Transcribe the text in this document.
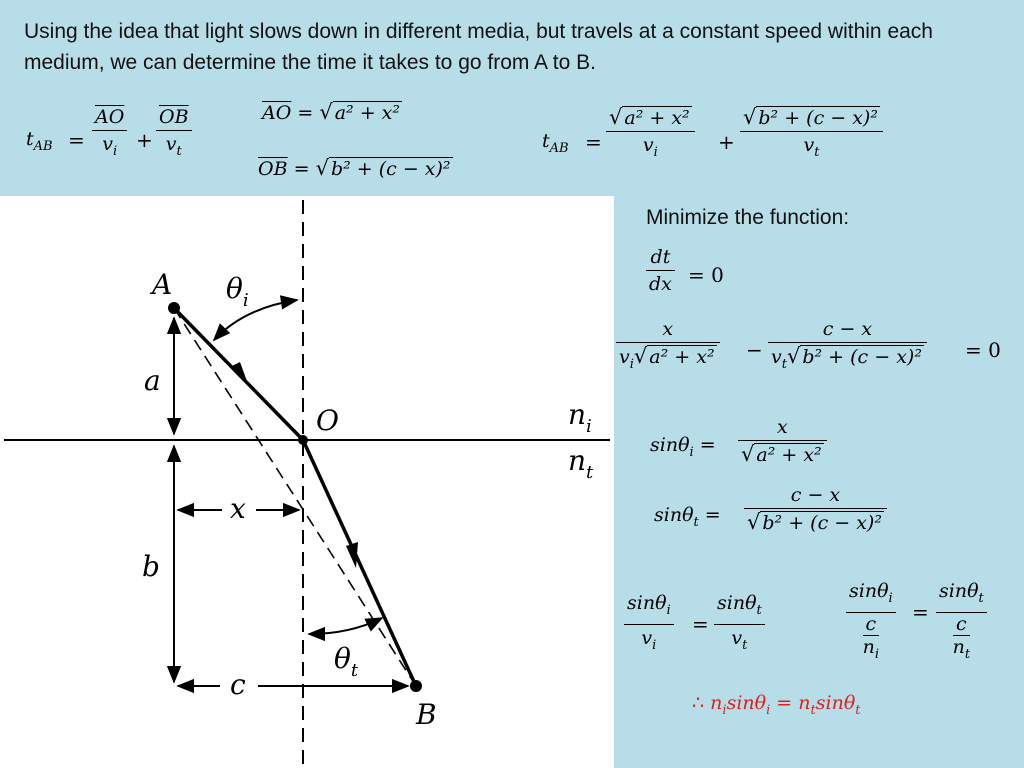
Using the idea that light slows down in different media, but travels at a constant speed within each medium, we can determine the time it takes to go from A to B.
$t_{AB}$ =
$\overline{AO}$
$v_i$ +
$\overline{OB}$
$v_t$
$\overline{AO}$ = √ a² + x²
$\overline{OB}$ = √ b² + (c − x)²
$t_{AB}$ =
√ a² + x²
$v_i$	+
√ b² + (c − x)²
$v_t$
Minimize the function:
dt
dx = 0
x
$v_i√$ a² + x² −
c − x
$v_t√$ b² + (c − x)² = 0
sinθ$_i$ =
x
√ a² + x²
sinθ$_t$ =
c − x
√ b² + (c − x)²
sinθ$_i$
$v_i$
=
sinθ$_t$
$v_t$
sinθ$_i$
c
$n_i$
=
sinθ$_t$
c
$n_t$
∴ $n_i\sin\theta_i = n_t\sin\theta_t$
A
O
B
a
b
x
c
$\theta_i$
$\theta_t$
$n_i$
$n_t$
